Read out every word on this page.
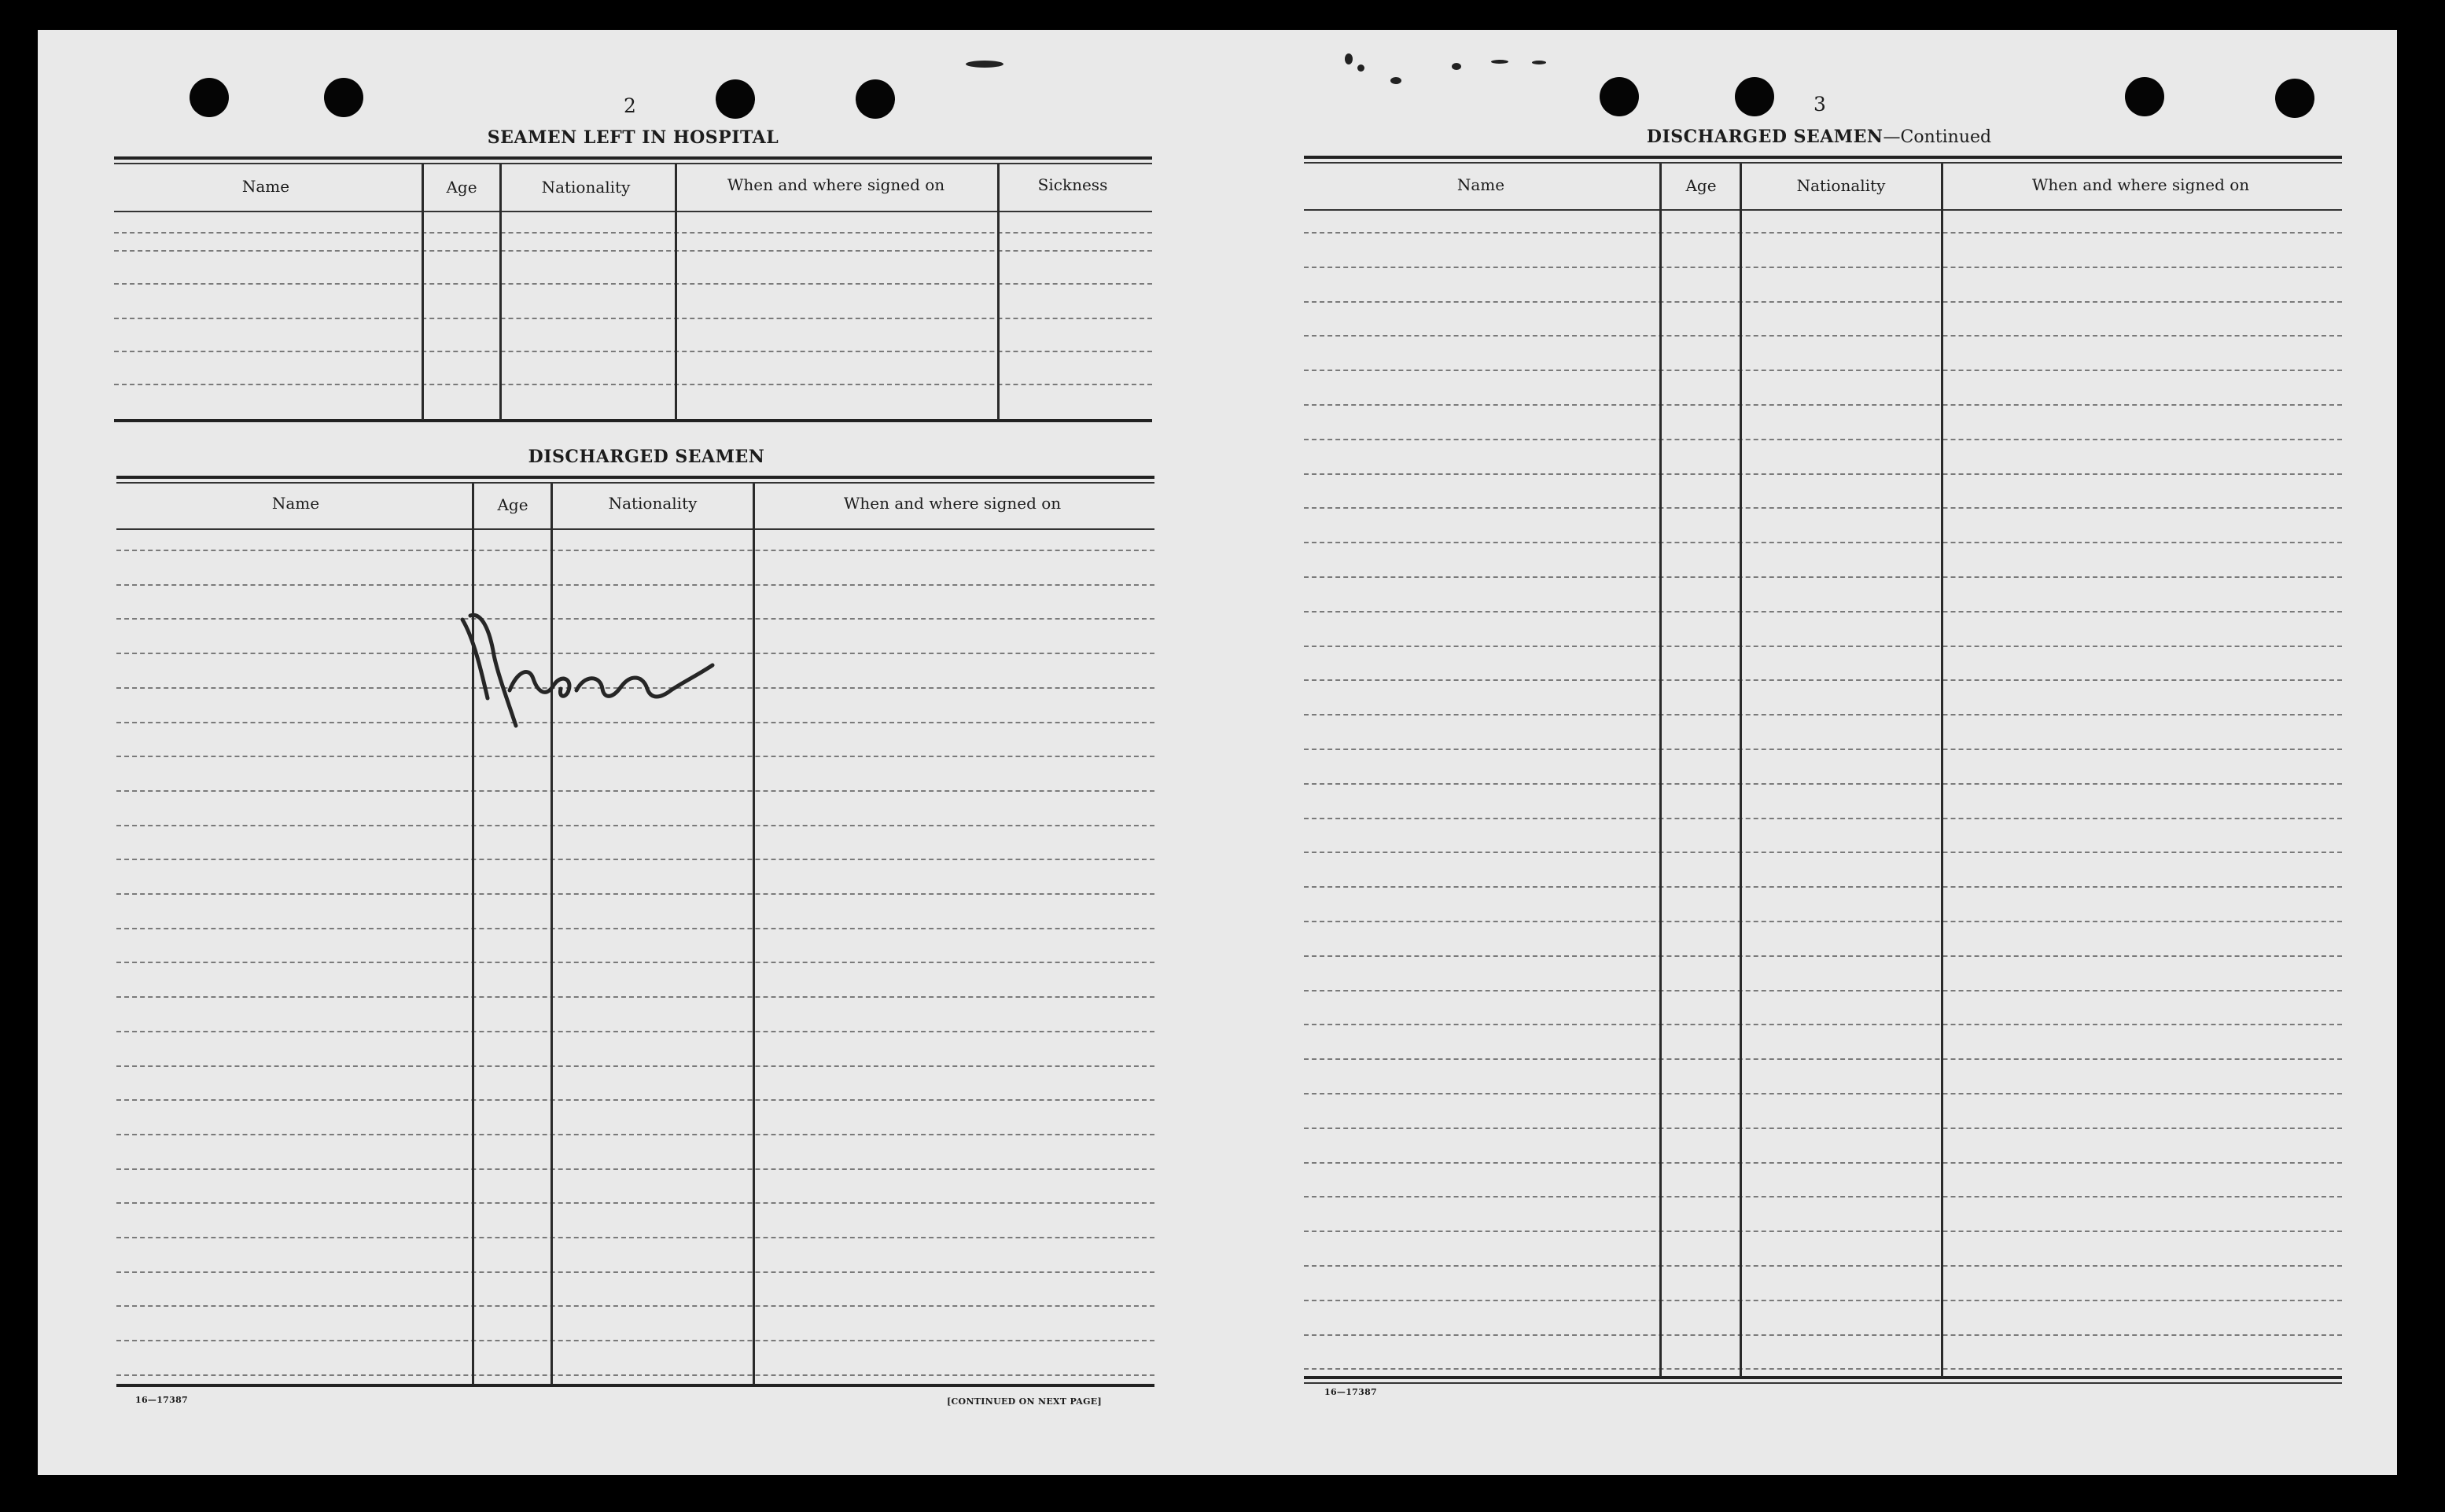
2
SEAMEN LEFT IN HOSPITAL
Name	Age	Nationality	When and where signed on	Sickness
DISCHARGED SEAMEN
Name	Age	Nationality	When and where signed on
None
16—17387	[CONTINUED ON NEXT PAGE]
3
DISCHARGED SEAMEN—Continued
Name	Age	Nationality	When and where signed on
16—17387
